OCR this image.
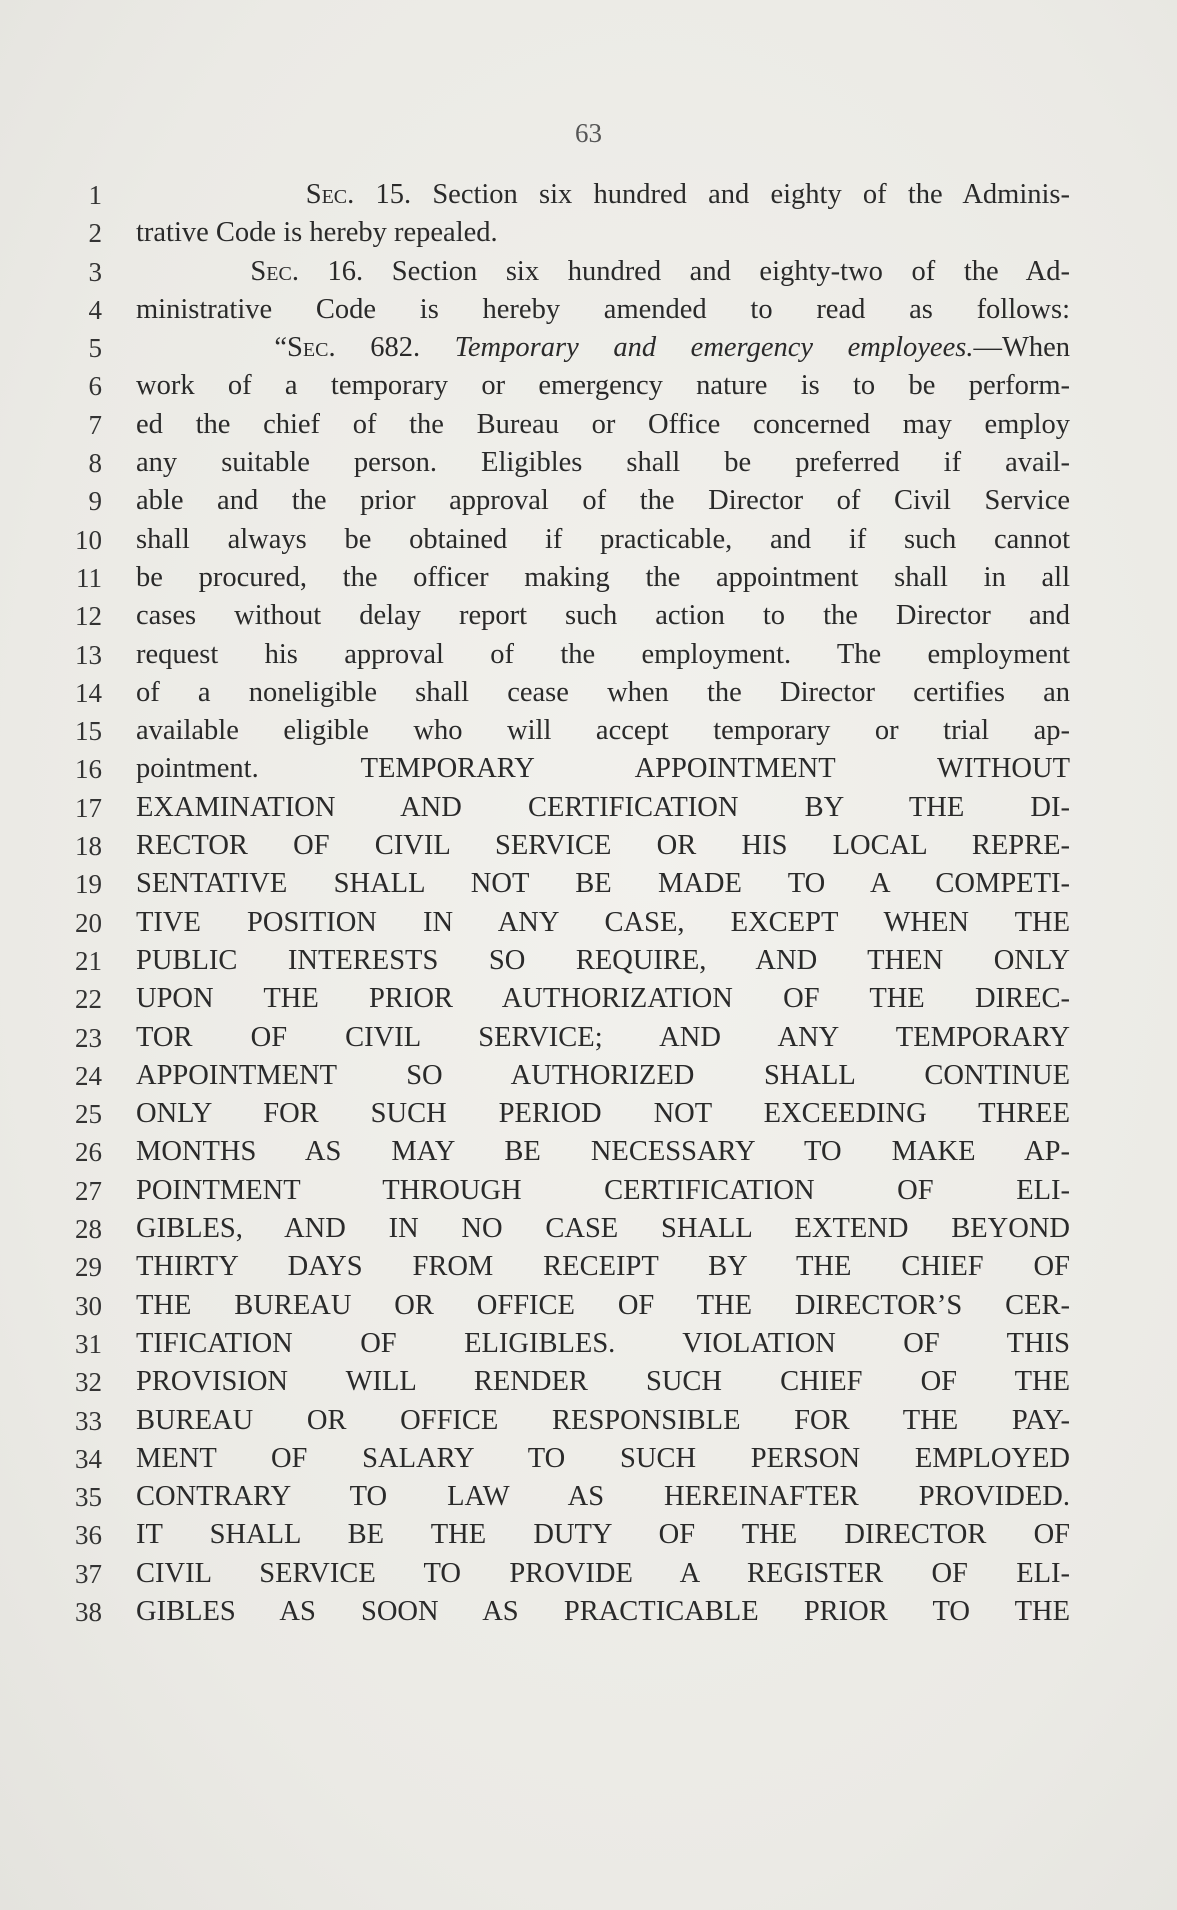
63
1	Sec. 15. Section six hundred and eighty of the Adminis-
2 trative Code is hereby repealed.
3	Sec. 16. Section six hundred and eighty-two of the Ad-
4 ministrative Code is hereby amended to read as follows:
5 “Sec. 682. Temporary and emergency employees.—When
6 work of a temporary or emergency nature is to be perform-
7 ed the chief of the Bureau or Office concerned may employ
8 any suitable person. Eligibles shall be preferred if avail-
9 able and the prior approval of the Director of Civil Service
10 shall always be obtained if practicable, and if such cannot
11 be procured, the officer making the appointment shall in all
12 cases without delay report such action to the Director and
13 request his approval of the employment. The employment
14 of a noneligible shall cease when the Director certifies an
15 available eligible who will accept temporary or trial ap-
16 pointment. TEMPORARY APPOINTMENT WITHOUT
17 EXAMINATION AND CERTIFICATION BY THE DI-
18 RECTOR OF CIVIL SERVICE OR HIS LOCAL REPRE-
19 SENTATIVE SHALL NOT BE MADE TO A COMPETI-
20 TIVE POSITION IN ANY CASE, EXCEPT WHEN THE
21 PUBLIC INTERESTS SO REQUIRE, AND THEN ONLY
22 UPON THE PRIOR AUTHORIZATION OF THE DIREC-
23 TOR OF CIVIL SERVICE; AND ANY TEMPORARY
24 APPOINTMENT SO AUTHORIZED SHALL CONTINUE
25 ONLY FOR SUCH PERIOD NOT EXCEEDING THREE
26 MONTHS AS MAY BE NECESSARY TO MAKE AP-
27 POINTMENT THROUGH CERTIFICATION OF ELI-
28 GIBLES, AND IN NO CASE SHALL EXTEND BEYOND
29 THIRTY DAYS FROM RECEIPT BY THE CHIEF OF
30 THE BUREAU OR OFFICE OF THE DIRECTOR’S CER-
31 TIFICATION OF ELIGIBLES. VIOLATION OF THIS
32 PROVISION WILL RENDER SUCH CHIEF OF THE
33 BUREAU OR OFFICE RESPONSIBLE FOR THE PAY-
34 MENT OF SALARY TO SUCH PERSON EMPLOYED
35 CONTRARY TO LAW AS HEREINAFTER PROVIDED.
36 IT SHALL BE THE DUTY OF THE DIRECTOR OF
37 CIVIL SERVICE TO PROVIDE A REGISTER OF ELI-
38 GIBLES AS SOON AS PRACTICABLE PRIOR TO THE
